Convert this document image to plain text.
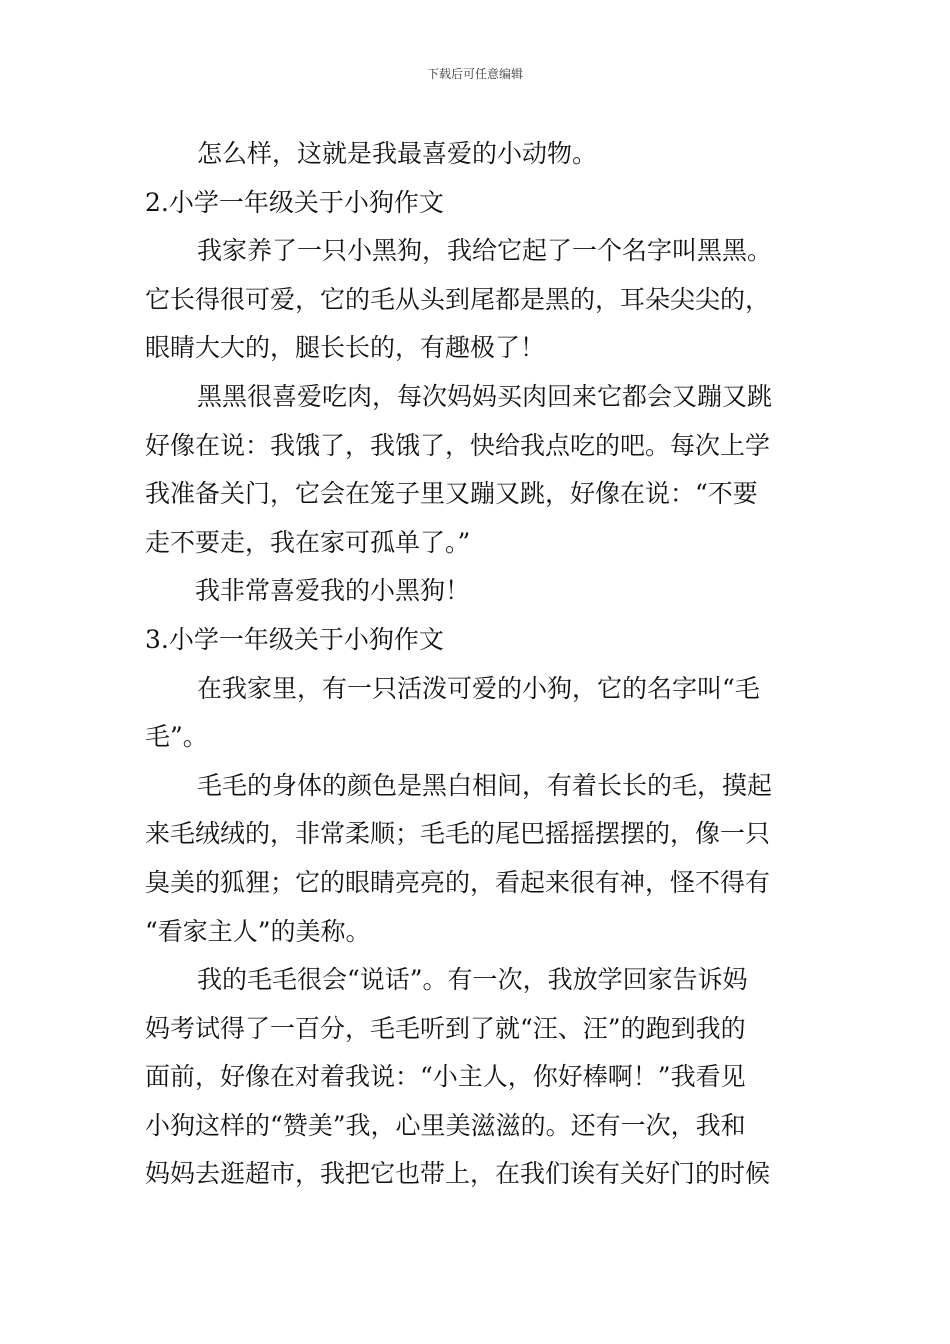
下载后可任意编辑
怎么样，这就是我最喜爱的小动物。
2.小学一年级关于小狗作文
我家养了一只小黑狗，我给它起了一个名字叫黑黑。
它长得很可爱，它的毛从头到尾都是黑的，耳朵尖尖的，
眼睛大大的，腿长长的，有趣极了！
黑黑很喜爱吃肉，每次妈妈买肉回来它都会又蹦又跳
好像在说：我饿了，我饿了，快给我点吃的吧。每次上学
我准备关门，它会在笼子里又蹦又跳，好像在说：“不要
走不要走，我在家可孤单了。”
我非常喜爱我的小黑狗！
3.小学一年级关于小狗作文
在我家里，有一只活泼可爱的小狗，它的名字叫“毛
毛”。
毛毛的身体的颜色是黑白相间，有着长长的毛，摸起
来毛绒绒的，非常柔顺；毛毛的尾巴摇摇摆摆的，像一只
臭美的狐狸；它的眼睛亮亮的，看起来很有神，怪不得有
“看家主人”的美称。
我的毛毛很会“说话”。有一次，我放学回家告诉妈
妈考试得了一百分，毛毛听到了就“汪、汪”的跑到我的
面前，好像在对着我说：“小主人，你好棒啊！”我看见
小狗这样的“赞美”我，心里美滋滋的。还有一次，我和
妈妈去逛超市，我把它也带上，在我们诶有关好门的时候
